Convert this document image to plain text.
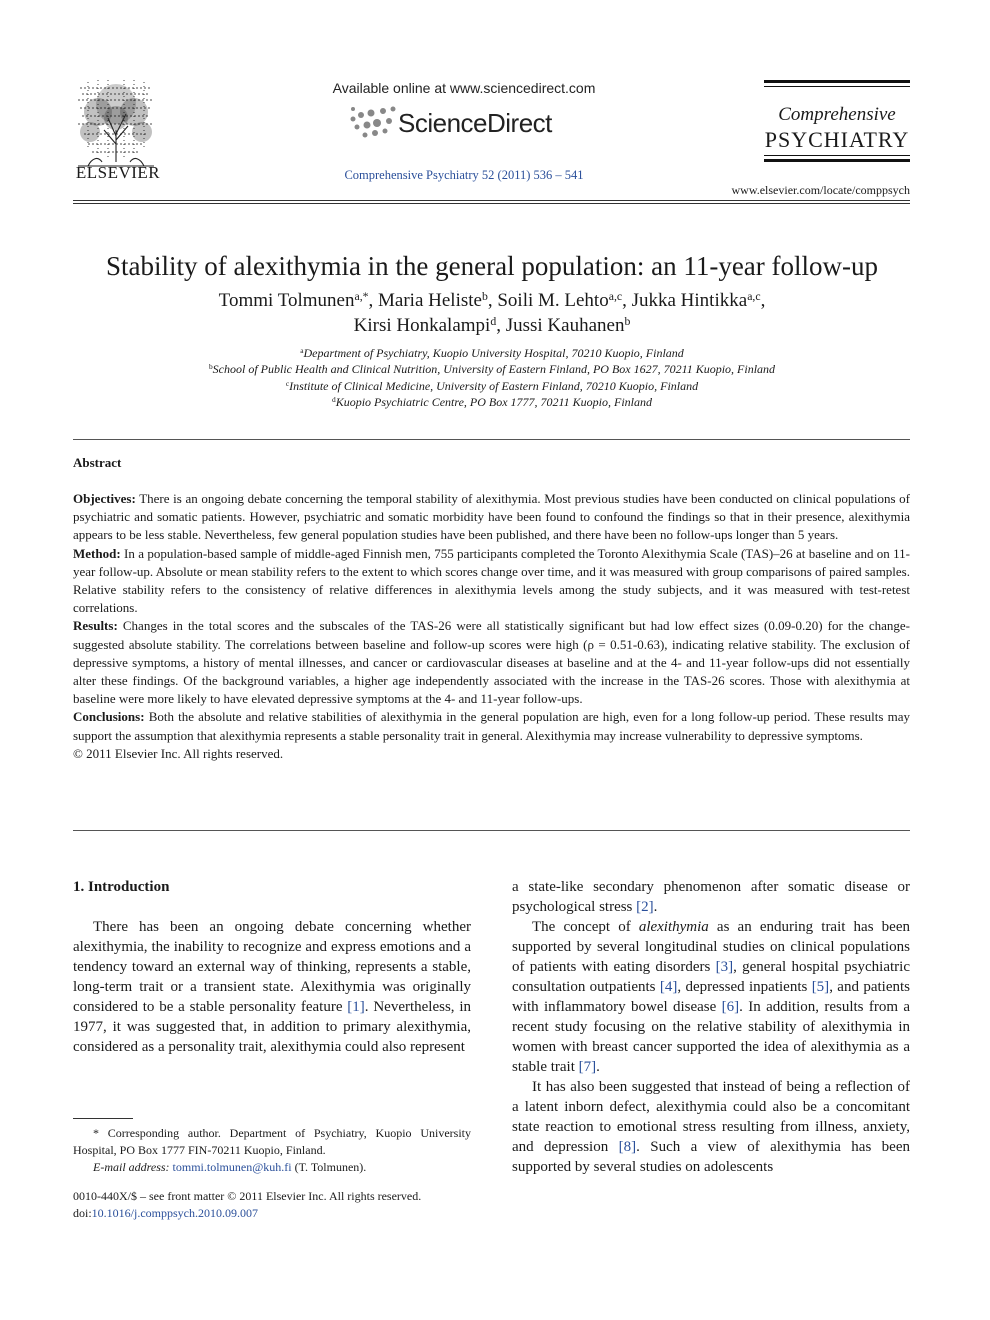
ELSEVIER
Available online at www.sciencedirect.com
ScienceDirect
Comprehensive Psychiatry 52 (2011) 536 – 541
Comprehensive
PSYCHIATRY
www.elsevier.com/locate/comppsych
Stability of alexithymia in the general population: an 11-year follow-up
Tommi Tolmunen$^{a,*}$, Maria Heliste$^b$, Soili M. Lehto$^{a,c}$, Jukka Hintikka$^{a,c}$,
Kirsi Honkalampi$^d$, Jussi Kauhanen$^b$
$^a$Department of Psychiatry, Kuopio University Hospital, 70210 Kuopio, Finland
$^b$School of Public Health and Clinical Nutrition, University of Eastern Finland, PO Box 1627, 70211 Kuopio, Finland
$^c$Institute of Clinical Medicine, University of Eastern Finland, 70210 Kuopio, Finland
$^d$Kuopio Psychiatric Centre, PO Box 1777, 70211 Kuopio, Finland
Abstract

Objectives: There is an ongoing debate concerning the temporal stability of alexithymia. Most previous studies have been conducted on clinical populations of psychiatric and somatic patients. However, psychiatric and somatic morbidity have been found to confound the findings so that in their presence, alexithymia appears to be less stable. Nevertheless, few general population studies have been published, and there have been no follow-ups longer than 5 years.

Method: In a population-based sample of middle-aged Finnish men, 755 participants completed the Toronto Alexithymia Scale (TAS)–26 at baseline and on 11-year follow-up. Absolute or mean stability refers to the extent to which scores change over time, and it was measured with group comparisons of paired samples. Relative stability refers to the consistency of relative differences in alexithymia levels among the study subjects, and it was measured with test-retest correlations.

Results: Changes in the total scores and the subscales of the TAS-26 were all statistically significant but had low effect sizes (0.09-0.20) for the change-suggested absolute stability. The correlations between baseline and follow-up scores were high (ρ = 0.51-0.63), indicating relative stability. The exclusion of depressive symptoms, a history of mental illnesses, and cancer or cardiovascular diseases at baseline and at the 4- and 11-year follow-ups did not essentially alter these findings. Of the background variables, a higher age independently associated with the increase in the TAS-26 scores. Those with alexithymia at baseline were more likely to have elevated depressive symptoms at the 4- and 11-year follow-ups.

Conclusions: Both the absolute and relative stabilities of alexithymia in the general population are high, even for a long follow-up period. These results may support the assumption that alexithymia represents a stable personality trait in general. Alexithymia may increase vulnerability to depressive symptoms.

© 2011 Elsevier Inc. All rights reserved.

1. Introduction

There has been an ongoing debate concerning whether alexithymia, the inability to recognize and express emotions and a tendency toward an external way of thinking, represents a stable, long-term trait or a transient state. Alexithymia was originally considered to be a stable personality feature [1]. Nevertheless, in 1977, it was suggested that, in addition to primary alexithymia, considered as a personality trait, alexithymia could also represent

a state-like secondary phenomenon after somatic disease or psychological stress [2].

The concept of alexithymia as an enduring trait has been supported by several longitudinal studies on clinical populations of patients with eating disorders [3], general hospital psychiatric consultation outpatients [4], depressed inpatients [5], and patients with inflammatory bowel disease [6]. In addition, results from a recent study focusing on the relative stability of alexithymia in women with breast cancer supported the idea of alexithymia as a stable trait [7].

It has also been suggested that instead of being a reflection of a latent inborn defect, alexithymia could also be a concomitant state reaction to emotional stress resulting from illness, anxiety, and depression [8]. Such a view of alexithymia has been supported by several studies on adolescents

* Corresponding author. Department of Psychiatry, Kuopio University Hospital, PO Box 1777 FIN-70211 Kuopio, Finland.

E-mail address: tommi.tolmunen@kuh.fi (T. Tolmunen).

0010-440X/$ – see front matter © 2011 Elsevier Inc. All rights reserved.

doi:10.1016/j.comppsych.2010.09.007
